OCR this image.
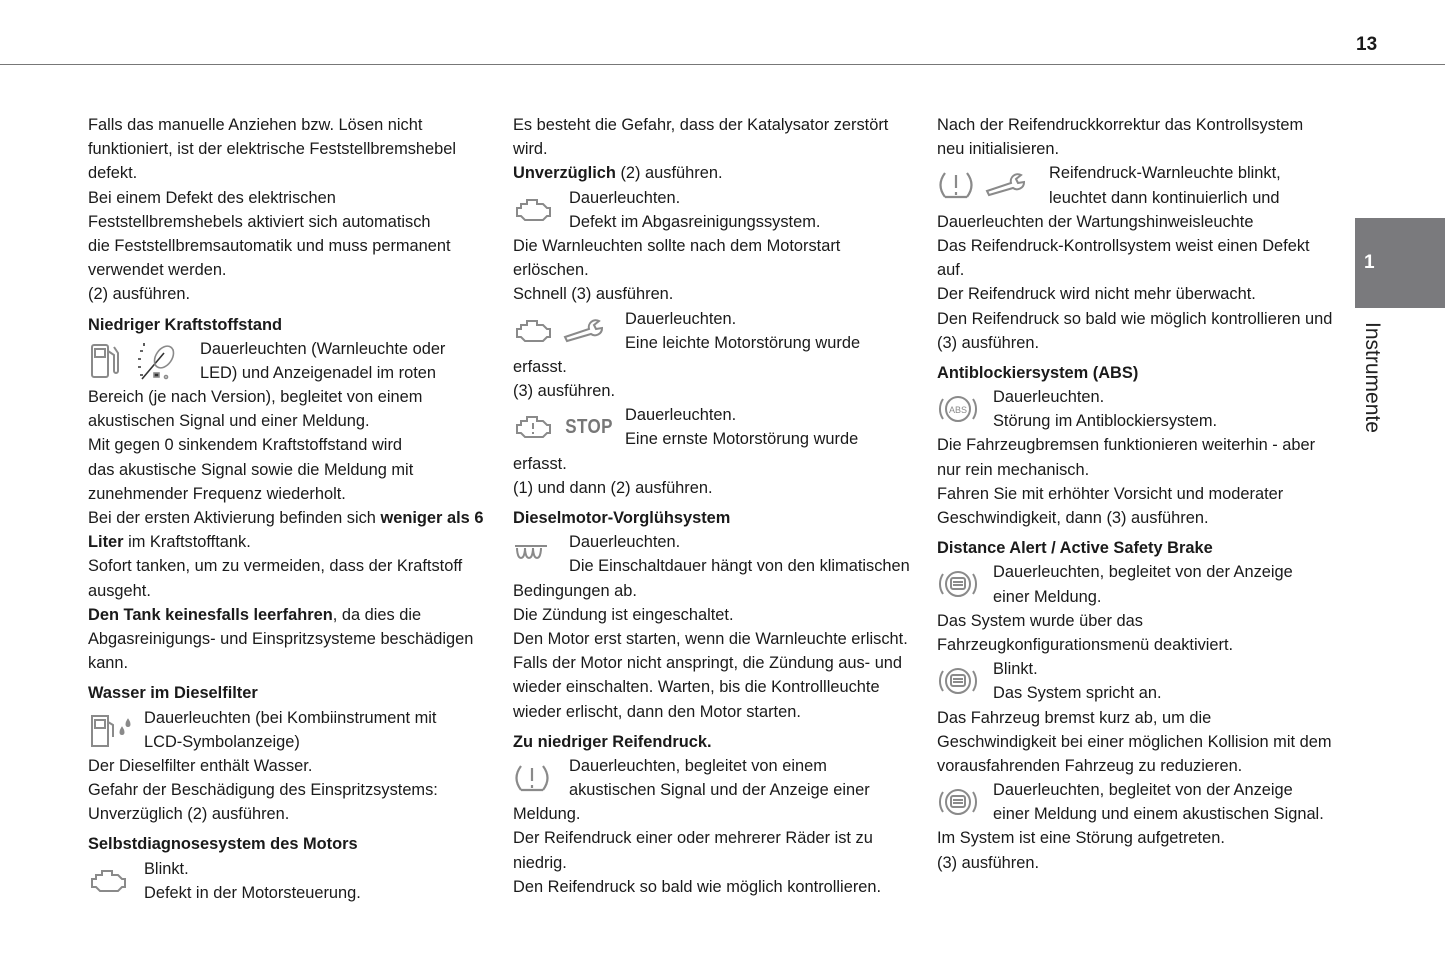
13
1
Instrumente
Falls das manuelle Anziehen bzw. Lösen nicht
funktioniert, ist der elektrische Feststellbremshebel
defekt.
Bei einem Defekt des elektrischen
Feststellbremshebels aktiviert sich automatisch
die Feststellbremsautomatik und muss permanent
verwendet werden.
(2) ausführen.
Niedriger Kraftstoffstand
Dauerleuchten (Warnleuchte oder
LED) und Anzeigenadel im roten
Bereich (je nach Version), begleitet von einem
akustischen Signal und einer Meldung.
Mit gegen 0 sinkendem Kraftstoffstand wird
das akustische Signal sowie die Meldung mit
zunehmender Frequenz wiederholt.
Bei der ersten Aktivierung befinden sich weniger als 6
Liter im Kraftstofftank.
Sofort tanken, um zu vermeiden, dass der Kraftstoff
ausgeht.
Den Tank keinesfalls leerfahren, da dies die
Abgasreinigungs- und Einspritzsysteme beschädigen
kann.
Wasser im Dieselfilter
Dauerleuchten (bei Kombiinstrument mit
LCD-Symbolanzeige)
Der Dieselfilter enthält Wasser.
Gefahr der Beschädigung des Einspritzsystems:
Unverzüglich (2) ausführen.
Selbstdiagnosesystem des Motors
Blinkt.
Defekt in der Motorsteuerung.
Es besteht die Gefahr, dass der Katalysator zerstört
wird.
Unverzüglich (2) ausführen.
Dauerleuchten.
Defekt im Abgasreinigungssystem.
Die Warnleuchten sollte nach dem Motorstart
erlöschen.
Schnell (3) ausführen.
Dauerleuchten.
Eine leichte Motorstörung wurde
erfasst.
(3) ausführen.
STOP
Dauerleuchten.
Eine ernste Motorstörung wurde
erfasst.
(1) und dann (2) ausführen.
Dieselmotor-Vorglühsystem
Dauerleuchten.
Die Einschaltdauer hängt von den klimatischen
Bedingungen ab.
Die Zündung ist eingeschaltet.
Den Motor erst starten, wenn die Warnleuchte erlischt.
Falls der Motor nicht anspringt, die Zündung aus- und
wieder einschalten. Warten, bis die Kontrollleuchte
wieder erlischt, dann den Motor starten.
Zu niedriger Reifendruck.
Dauerleuchten, begleitet von einem
akustischen Signal und der Anzeige einer
Meldung.
Der Reifendruck einer oder mehrerer Räder ist zu
niedrig.
Den Reifendruck so bald wie möglich kontrollieren.
Nach der Reifendruckkorrektur das Kontrollsystem
neu initialisieren.
Reifendruck-Warnleuchte blinkt,
leuchtet dann kontinuierlich und
Dauerleuchten der Wartungshinweisleuchte
Das Reifendruck-Kontrollsystem weist einen Defekt
auf.
Der Reifendruck wird nicht mehr überwacht.
Den Reifendruck so bald wie möglich kontrollieren und
(3) ausführen.
Antiblockiersystem (ABS)
ABS
Dauerleuchten.
Störung im Antiblockiersystem.
Die Fahrzeugbremsen funktionieren weiterhin - aber
nur rein mechanisch.
Fahren Sie mit erhöhter Vorsicht und moderater
Geschwindigkeit, dann (3) ausführen.
Distance Alert / Active Safety Brake
Dauerleuchten, begleitet von der Anzeige
einer Meldung.
Das System wurde über das
Fahrzeugkonfigurationsmenü deaktiviert.
Blinkt.
Das System spricht an.
Das Fahrzeug bremst kurz ab, um die
Geschwindigkeit bei einer möglichen Kollision mit dem
vorausfahrenden Fahrzeug zu reduzieren.
Dauerleuchten, begleitet von der Anzeige
einer Meldung und einem akustischen Signal.
Im System ist eine Störung aufgetreten.
(3) ausführen.
